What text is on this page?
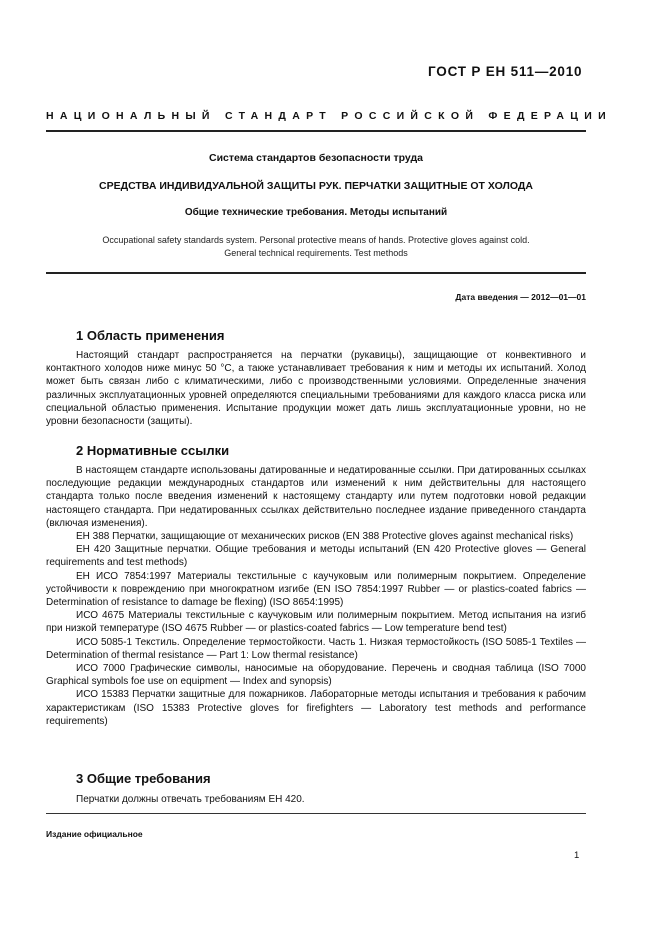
ГОСТ Р ЕН 511—2010
НАЦИОНАЛЬНЫЙ СТАНДАРТ РОССИЙСКОЙ ФЕДЕРАЦИИ
Система стандартов безопасности труда
СРЕДСТВА ИНДИВИДУАЛЬНОЙ ЗАЩИТЫ РУК. ПЕРЧАТКИ ЗАЩИТНЫЕ ОТ ХОЛОДА
Общие технические требования. Методы испытаний
Occupational safety standards system. Personal protective means of hands. Protective gloves against cold.
General technical requirements. Test methods
Дата введения — 2012—01—01
1 Область применения

Настоящий стандарт распространяется на перчатки (рукавицы), защищающие от конвективного и контактного холодов ниже минус 50 °С, а также устанавливает требования к ним и методы их испытаний. Холод может быть связан либо с климатическими, либо с производственными условиями. Определенные значения различных эксплуатационных уровней определяются специальными требованиями для каждого класса риска или специальной областью применения. Испытание продукции может дать лишь эксплуатационные уровни, но не уровни безопасности (защиты).

2 Нормативные ссылки

В настоящем стандарте использованы датированные и недатированные ссылки. При датированных ссылках последующие редакции международных стандартов или изменений к ним действительны для настоящего стандарта только после введения изменений к настоящему стандарту или путем подготовки новой редакции настоящего стандарта. При недатированных ссылках действительно последнее издание приведенного стандарта (включая изменения).

ЕН 388 Перчатки, защищающие от механических рисков (EN 388 Protective gloves against mechanical risks)

ЕН 420 Защитные перчатки. Общие требования и методы испытаний (EN 420 Protective gloves — General requirements and test methods)

ЕН ИСО 7854:1997 Материалы текстильные с каучуковым или полимерным покрытием. Определение устойчивости к повреждению при многократном изгибе (EN ISO 7854:1997 Rubber — or plastics-coated fabrics — Determination of resistance to damage be flexing) (ISO 8654:1995)

ИСО 4675 Материалы текстильные с каучуковым или полимерным покрытием. Метод испытания на изгиб при низкой температуре (ISO 4675 Rubber — or plastics-coated fabrics — Low temperature bend test)

ИСО 5085-1 Текстиль. Определение термостойкости. Часть 1. Низкая термостойкость (ISO 5085-1 Textiles — Determination of thermal resistance — Part 1: Low thermal resistance)

ИСО 7000 Графические символы, наносимые на оборудование. Перечень и сводная таблица (ISO 7000 Graphical symbols foe use on equipment — Index and synopsis)

ИСО 15383 Перчатки защитные для пожарников. Лабораторные методы испытания и требования к рабочим характеристикам (ISO 15383 Protective gloves for firefighters — Laboratory test methods and performance requirements)

3 Общие требования

Перчатки должны отвечать требованиям ЕН 420.

Издание официальное
1
